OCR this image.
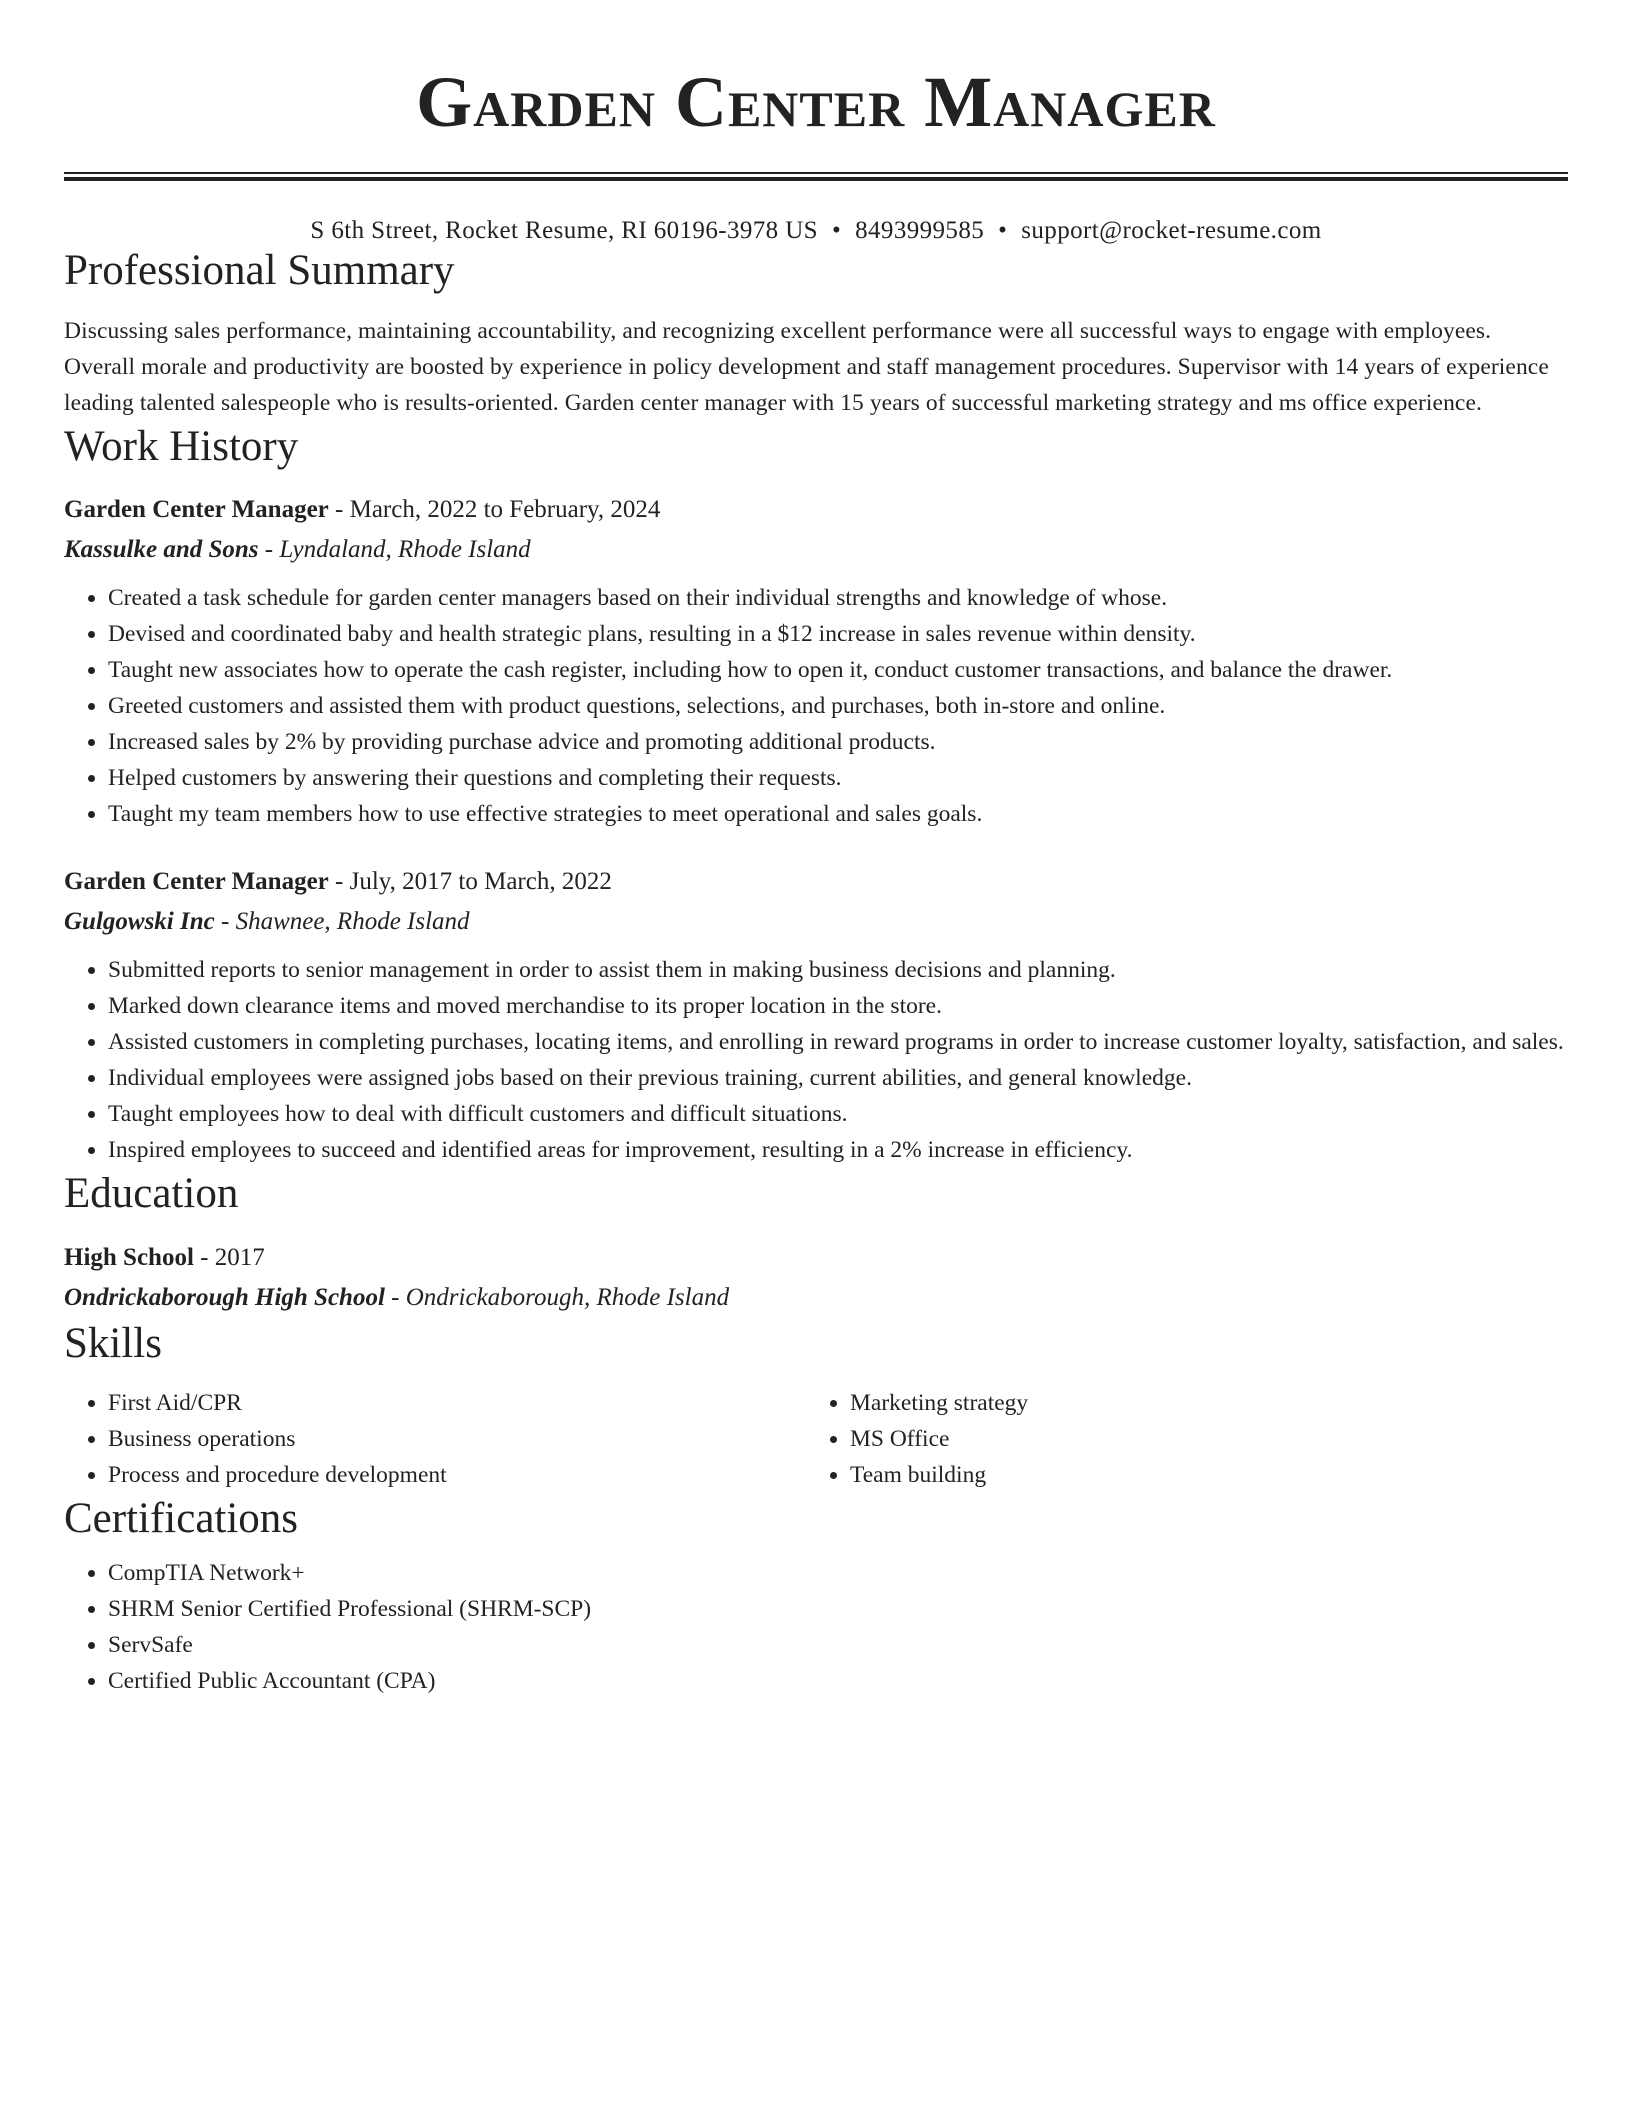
Garden Center Manager
S 6th Street, Rocket Resume, RI 60196-3978 US • 8493999585 • support@rocket-resume.com
Professional Summary
Discussing sales performance, maintaining accountability, and recognizing excellent performance were all successful ways to engage with employees. Overall morale and productivity are boosted by experience in policy development and staff management procedures. Supervisor with 14 years of experience leading talented salespeople who is results-oriented. Garden center manager with 15 years of successful marketing strategy and ms office experience.
Work History
Garden Center Manager - March, 2022 to February, 2024
Kassulke and Sons - Lyndaland, Rhode Island
• Created a task schedule for garden center managers based on their individual strengths and knowledge of whose.
• Devised and coordinated baby and health strategic plans, resulting in a $12 increase in sales revenue within density.
• Taught new associates how to operate the cash register, including how to open it, conduct customer transactions, and balance the drawer.
• Greeted customers and assisted them with product questions, selections, and purchases, both in-store and online.
• Increased sales by 2% by providing purchase advice and promoting additional products.
• Helped customers by answering their questions and completing their requests.
• Taught my team members how to use effective strategies to meet operational and sales goals.
Garden Center Manager - July, 2017 to March, 2022
Gulgowski Inc - Shawnee, Rhode Island
• Submitted reports to senior management in order to assist them in making business decisions and planning.
• Marked down clearance items and moved merchandise to its proper location in the store.
• Assisted customers in completing purchases, locating items, and enrolling in reward programs in order to increase customer loyalty, satisfaction, and sales.
• Individual employees were assigned jobs based on their previous training, current abilities, and general knowledge.
• Taught employees how to deal with difficult customers and difficult situations.
• Inspired employees to succeed and identified areas for improvement, resulting in a 2% increase in efficiency.
Education
High School - 2017
Ondrickaborough High School - Ondrickaborough, Rhode Island
Skills
• First Aid/CPR
• Business operations
• Process and procedure development
• Marketing strategy
• MS Office
• Team building
Certifications
• CompTIA Network+
• SHRM Senior Certified Professional (SHRM-SCP)
• ServSafe
• Certified Public Accountant (CPA)
